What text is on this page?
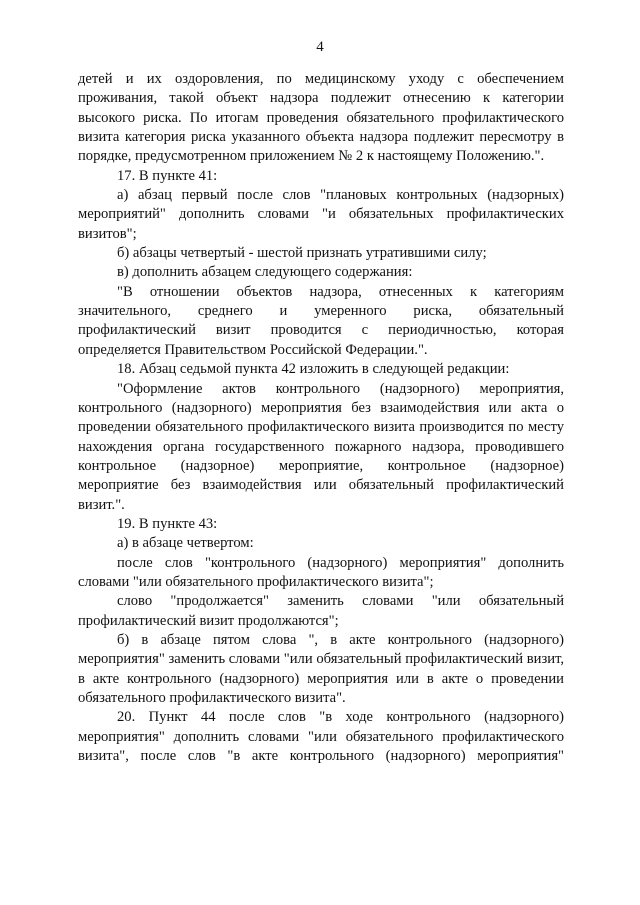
4

детей и их оздоровления, по медицинскому уходу с обеспечением проживания, такой объект надзора подлежит отнесению к категории высокого риска. По итогам проведения обязательного профилактического визита категория риска указанного объекта надзора подлежит пересмотру в порядке, предусмотренном приложением № 2 к настоящему Положению.".

17. В пункте 41:

а) абзац первый после слов "плановых контрольных (надзорных) мероприятий" дополнить словами "и обязательных профилактических визитов";

б) абзацы четвертый - шестой признать утратившими силу;

в) дополнить абзацем следующего содержания:

"В отношении объектов надзора, отнесенных к категориям значительного, среднего и умеренного риска, обязательный профилактический визит проводится с периодичностью, которая определяется Правительством Российской Федерации.".

18. Абзац седьмой пункта 42 изложить в следующей редакции:

"Оформление актов контрольного (надзорного) мероприятия, контрольного (надзорного) мероприятия без взаимодействия или акта о проведении обязательного профилактического визита производится по месту нахождения органа государственного пожарного надзора, проводившего контрольное (надзорное) мероприятие, контрольное (надзорное) мероприятие без взаимодействия или обязательный профилактический визит.".

19. В пункте 43:

а) в абзаце четвертом:

после слов "контрольного (надзорного) мероприятия" дополнить словами "или обязательного профилактического визита";

слово "продолжается" заменить словами "или обязательный профилактический визит продолжаются";

б) в абзаце пятом слова ", в акте контрольного (надзорного) мероприятия" заменить словами "или обязательный профилактический визит, в акте контрольного (надзорного) мероприятия или в акте о проведении обязательного профилактического визита".

20. Пункт 44 после слов "в ходе контрольного (надзорного) мероприятия" дополнить словами "или обязательного профилактического визита", после слов "в акте контрольного (надзорного) мероприятия"
